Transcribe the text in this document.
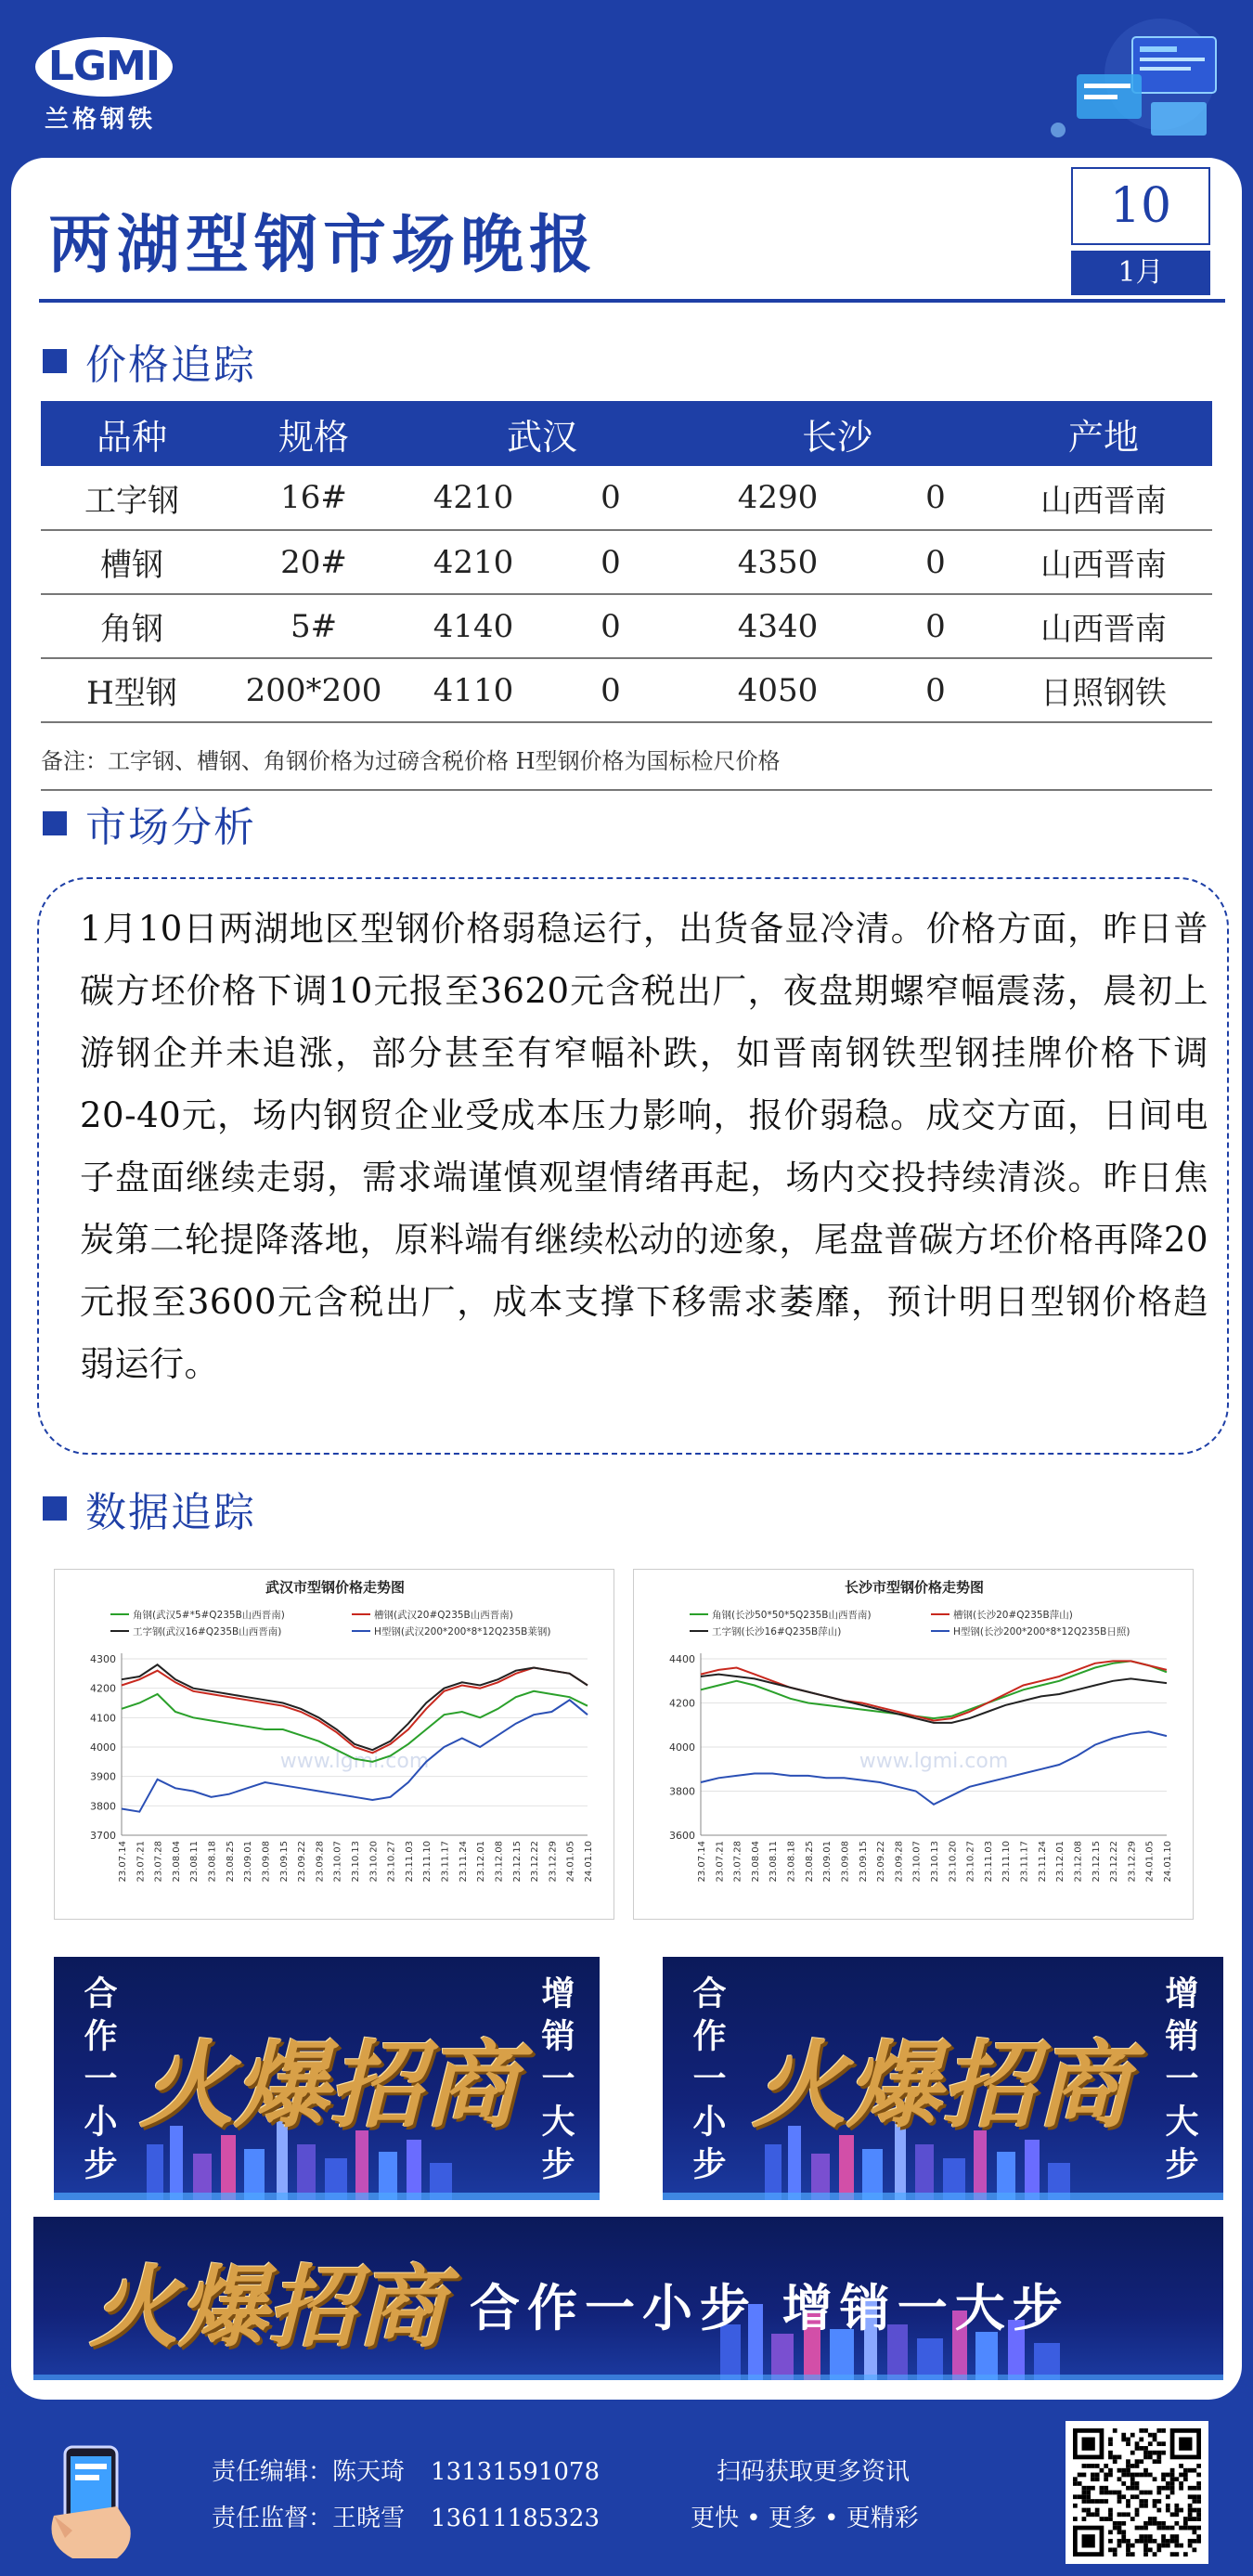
LGMI
兰格钢铁
两湖型钢市场晚报
10
1月
价格追踪
品种	规格	武汉		长沙		产地
工字钢	16#	4210	0	4290	0	山西晋南
槽钢	20#	4210	0	4350	0	山西晋南
角钢	5#	4140	0	4340	0	山西晋南
H型钢	200*200	4110	0	4050	0	日照钢铁
备注：工字钢、槽钢、角钢价格为过磅含税价格 H型钢价格为国标检尺价格
市场分析

1月10日两湖地区型钢价格弱稳运行，出货备显冷清。价格方面，昨日普碳方坯价格下调10元报至3620元含税出厂，夜盘期螺窄幅震荡，晨初上游钢企并未追涨，部分甚至有窄幅补跌，如晋南钢铁型钢挂牌价格下调20-40元，场内钢贸企业受成本压力影响，报价弱稳。成交方面，日间电子盘面继续走弱，需求端谨慎观望情绪再起，场内交投持续清淡。昨日焦炭第二轮提降落地，原料端有继续松动的迹象，尾盘普碳方坯价格再降20元报至3600元含税出厂，成本支撑下移需求萎靡，预计明日型钢价格趋弱运行。

数据追踪
武汉市型钢价格走势图
角钢(武汉5#*5#Q235B山西晋南)	槽钢(武汉20#Q235B山西晋南)
工字钢(武汉16#Q235B山西晋南)	H型钢(武汉200*200*8*12Q235B莱钢)
3700
3800
3900
4000
4100
4200
4300
www.lgmi.com
23.07.14 23.07.21 23.07.28 23.08.04 23.08.11 23.08.18 23.08.25 23.09.01 23.09.08 23.09.15 23.09.22 23.09.28 23.10.07 23.10.13 23.10.20 23.10.27 23.11.03 23.11.10 23.11.17 23.11.24 23.12.01 23.12.08 23.12.15 23.12.22 23.12.29 24.01.05 24.01.10
长沙市型钢价格走势图
角钢(长沙50*50*5Q235B山西晋南)	槽钢(长沙20#Q235B萍山)
工字钢(长沙16#Q235B萍山)	H型钢(长沙200*200*8*12Q235B日照)
3600
3800
4000
4200
4400
www.lgmi.com
23.07.14 23.07.21 23.07.28 23.08.04 23.08.11 23.08.18 23.08.25 23.09.01 23.09.08 23.09.15 23.09.22 23.09.28 23.10.07 23.10.13 23.10.20 23.10.27 23.11.03 23.11.10 23.11.17 23.11.24 23.12.01 23.12.08 23.12.15 23.12.22 23.12.29 24.01.05 24.01.10
合作一小步	增销一大步
火爆招商	合作一小步	增销一大步
火爆招商
火爆招商 合作一小步 增销一大步
责任编辑：陈天琦 13131591078
责任监督：王晓雪 13611185323
扫码获取更多资讯
更快 • 更多 • 更精彩
